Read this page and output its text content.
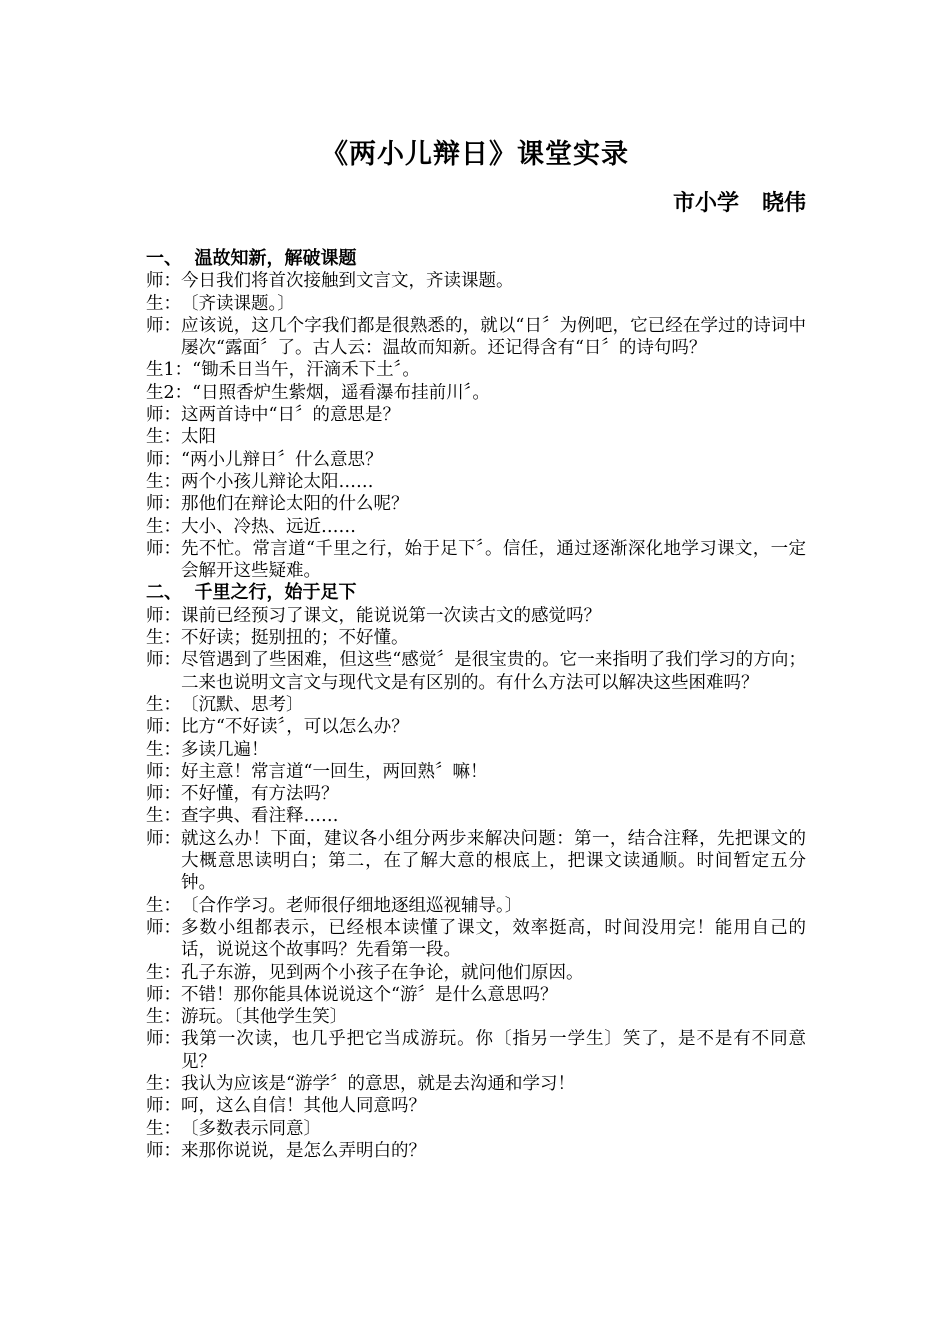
《两小儿辩日》课堂实录
市小学   晓伟
一、  温故知新，解破课题
师： 今日我们将首次接触到文言文，齐读课题。
生： 〔齐读课题。〕
师： 应该说，这几个字我们都是很熟悉的，就以“日〞为例吧，它已经在学过的诗词中屡次“露面〞了。古人云：温故而知新。还记得含有“日〞的诗句吗？
生1： “锄禾日当午，汗滴禾下土〞。
生2： “日照香炉生紫烟，遥看瀑布挂前川〞。
师： 这两首诗中“日〞的意思是？
生： 太阳
师： “两小儿辩日〞什么意思？
生： 两个小孩儿辩论太阳……
师： 那他们在辩论太阳的什么呢？
生： 大小、冷热、远近……
师： 先不忙。常言道“千里之行，始于足下〞。信任，通过逐渐深化地学习课文，一定会解开这些疑难。
二、  千里之行，始于足下
师： 课前已经预习了课文，能说说第一次读古文的感觉吗？
生： 不好读；挺别扭的；不好懂。
师： 尽管遇到了些困难，但这些“感觉〞是很宝贵的。它一来指明了我们学习的方向；二来也说明文言文与现代文是有区别的。有什么方法可以解决这些困难吗？
生： 〔沉默、思考〕
师： 比方“不好读〞，可以怎么办？
生： 多读几遍！
师： 好主意！常言道“一回生，两回熟〞嘛！
师： 不好懂，有方法吗？
生： 查字典、看注释……
师： 就这么办！下面，建议各小组分两步来解决问题：第一，结合注释，先把课文的大概意思读明白；第二，在了解大意的根底上，把课文读通顺。时间暂定五分钟。
生： 〔合作学习。老师很仔细地逐组巡视辅导。〕
师： 多数小组都表示，已经根本读懂了课文，效率挺高，时间没用完！能用自己的话，说说这个故事吗？先看第一段。
生： 孔子东游，见到两个小孩子在争论，就问他们原因。
师： 不错！那你能具体说说这个“游〞是什么意思吗？
生： 游玩。〔其他学生笑〕
师： 我第一次读，也几乎把它当成游玩。你〔指另一学生〕笑了，是不是有不同意见？
生： 我认为应该是“游学〞的意思，就是去沟通和学习！
师： 呵，这么自信！其他人同意吗？
生： 〔多数表示同意〕
师： 来那你说说，是怎么弄明白的？
